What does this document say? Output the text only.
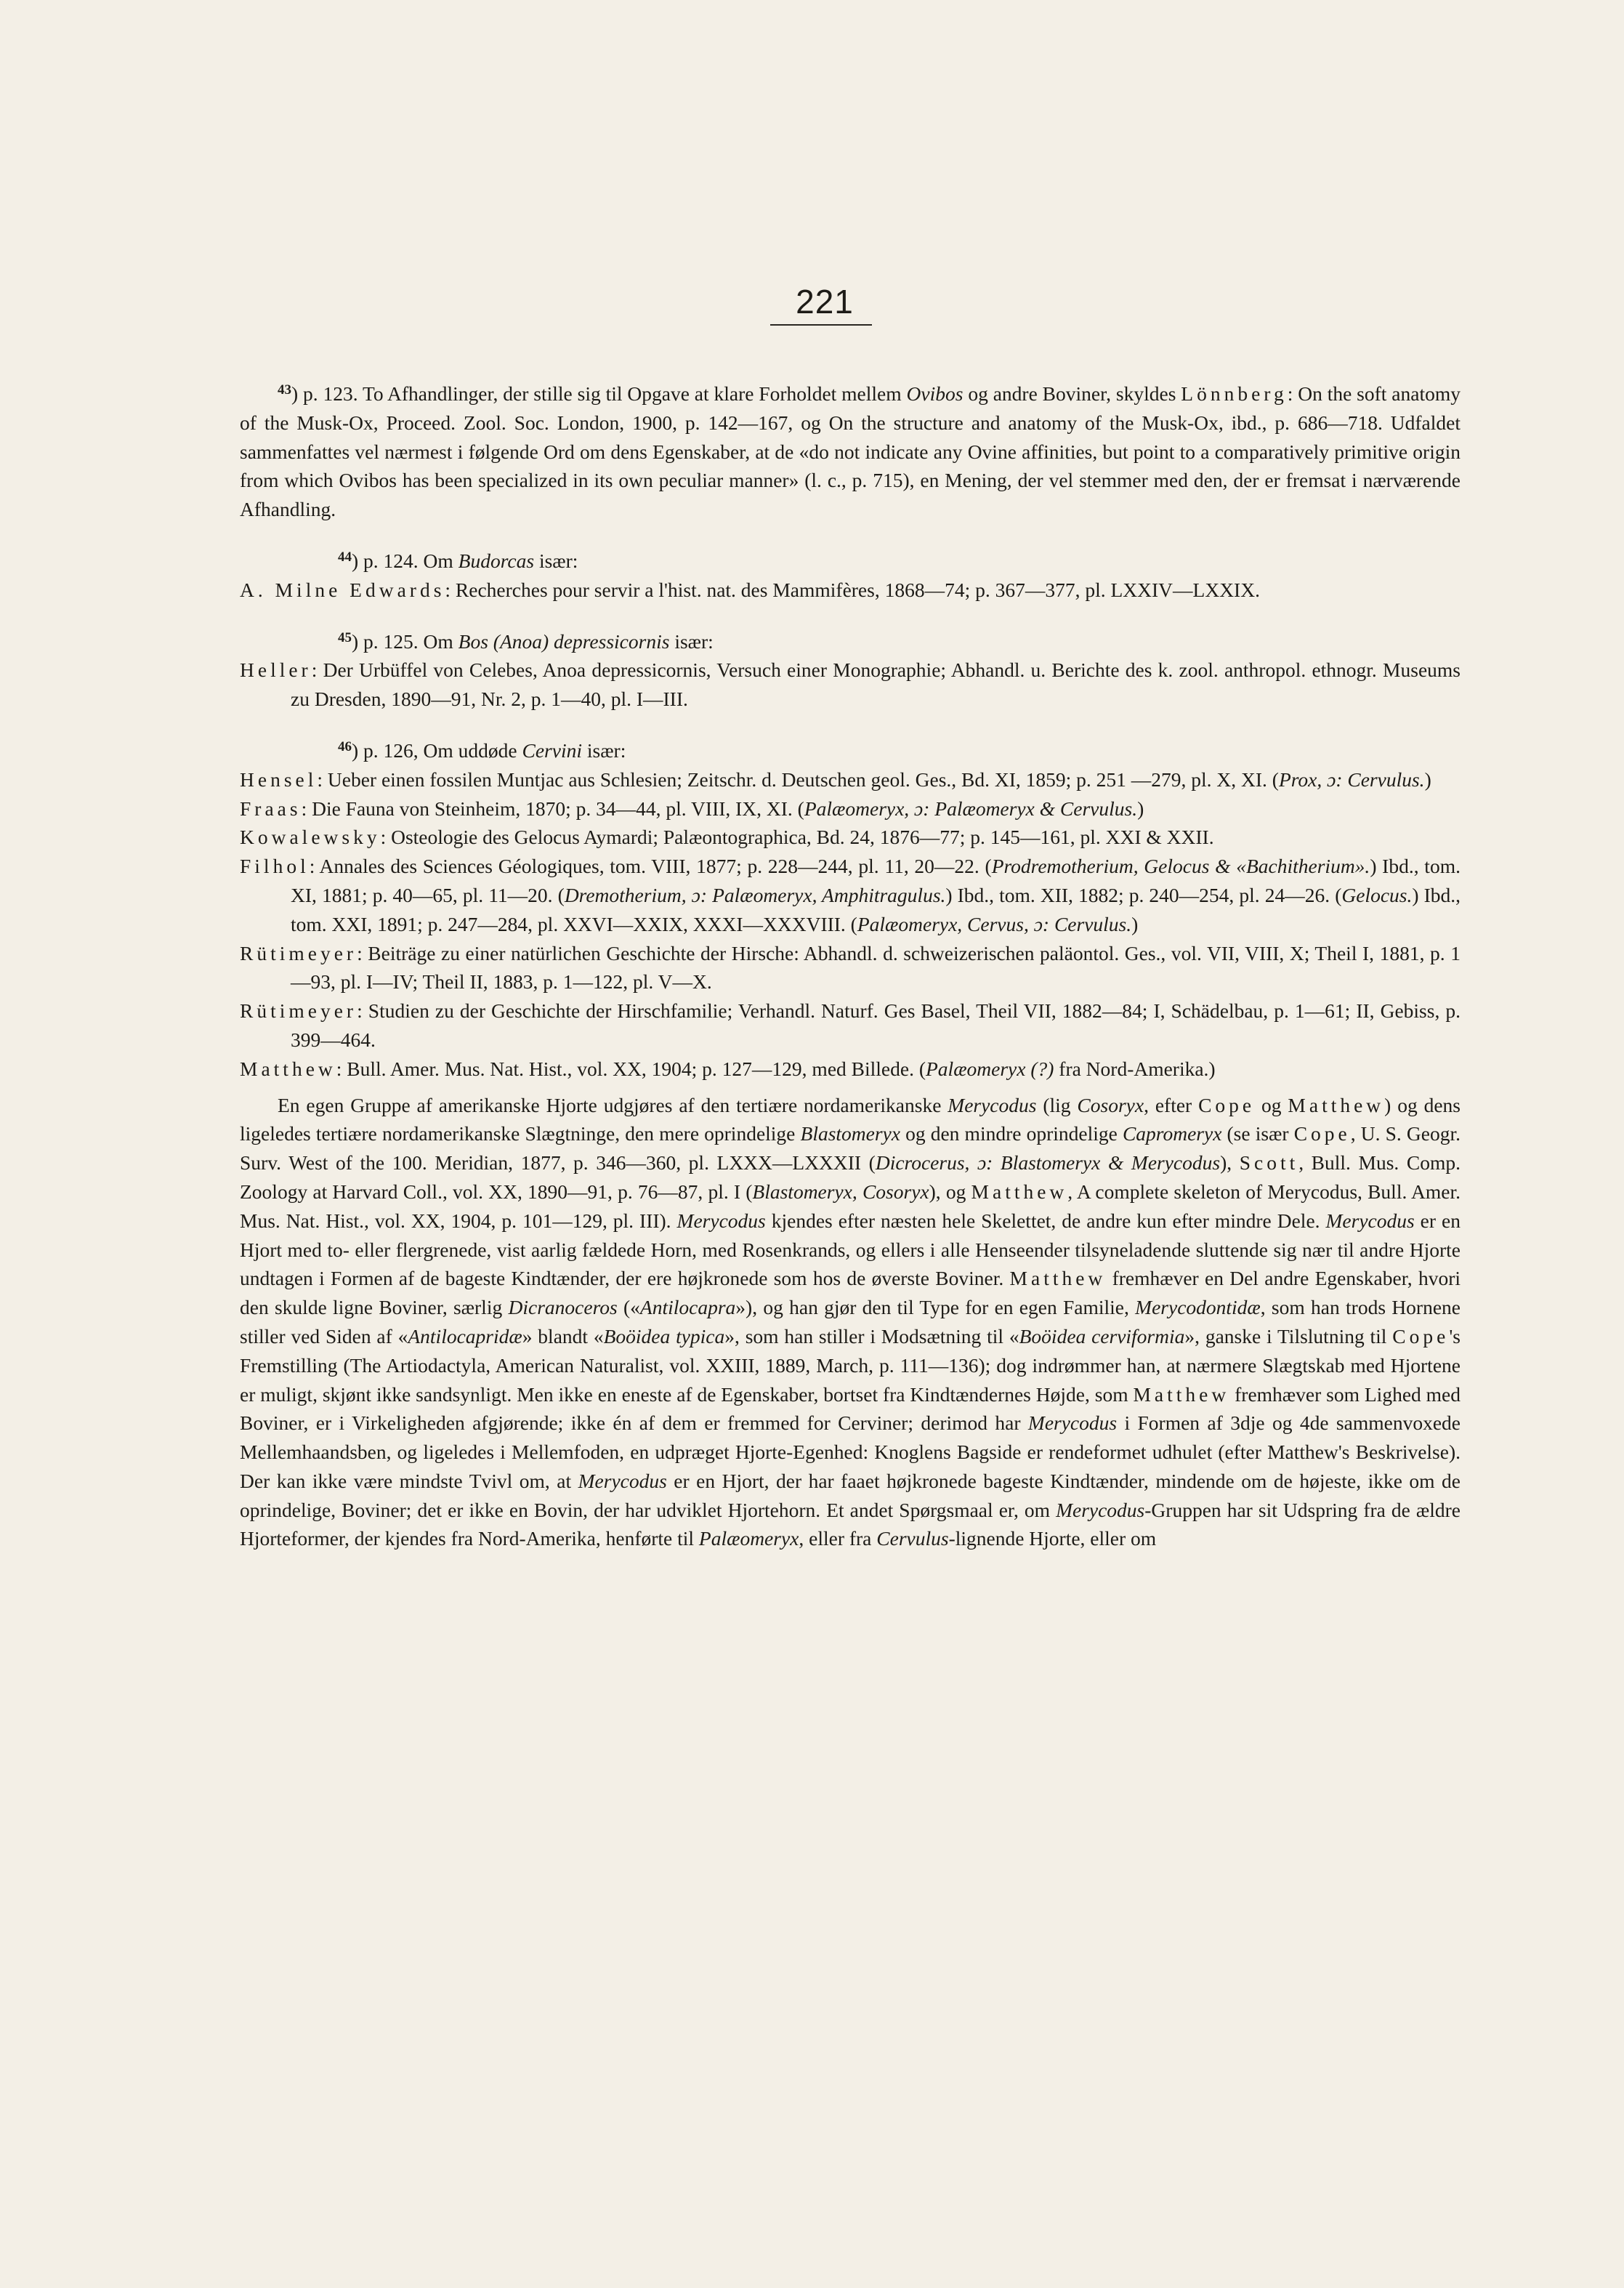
221

$^{43}$) p. 123. To Afhandlinger, der stille sig til Opgave at klare Forholdet mellem Ovibos og andre Boviner, skyldes Lönnberg: On the soft anatomy of the Musk-Ox, Proceed. Zool. Soc. London, 1900, p. 142—167, og On the structure and anatomy of the Musk-Ox, ibd., p. 686—718. Udfaldet sammenfattes vel nærmest i følgende Ord om dens Egenskaber, at de «do not indicate any Ovine affinities, but point to a comparatively primitive origin from which Ovibos has been specialized in its own peculiar manner» (l. c., p. 715), en Mening, der vel stemmer med den, der er fremsat i nærværende Afhandling.

$^{44}$) p. 124. Om Budorcas især:

A. Milne Edwards: Recherches pour servir a l'hist. nat. des Mammifères, 1868—74; p. 367—377, pl. LXXIV—LXXIX.

$^{45}$) p. 125. Om Bos (Anoa) depressicornis især:

Heller: Der Urbüffel von Celebes, Anoa depressicornis, Versuch einer Monographie; Abhandl. u. Berichte des k. zool. anthropol. ethnogr. Museums zu Dresden, 1890—91, Nr. 2, p. 1—40, pl. I—III.

$^{46}$) p. 126, Om uddøde Cervini især:

Hensel: Ueber einen fossilen Muntjac aus Schlesien; Zeitschr. d. Deutschen geol. Ges., Bd. XI, 1859; p. 251 —279, pl. X, XI. (Prox, ɔ: Cervulus.)

Fraas: Die Fauna von Steinheim, 1870; p. 34—44, pl. VIII, IX, XI. (Palæomeryx, ɔ: Palæomeryx & Cervulus.)

Kowalewsky: Osteologie des Gelocus Aymardi; Palæontographica, Bd. 24, 1876—77; p. 145—161, pl. XXI & XXII.

Filhol: Annales des Sciences Géologiques, tom. VIII, 1877; p. 228—244, pl. 11, 20—22. (Prodremotherium, Gelocus & «Bachitherium».) Ibd., tom. XI, 1881; p. 40—65, pl. 11—20. (Dremotherium, ɔ: Palæomeryx, Amphitragulus.) Ibd., tom. XII, 1882; p. 240—254, pl. 24—26. (Gelocus.) Ibd., tom. XXI, 1891; p. 247—284, pl. XXVI—XXIX, XXXI—XXXVIII. (Palæomeryx, Cervus, ɔ: Cervulus.)

Rütimeyer: Beiträge zu einer natürlichen Geschichte der Hirsche: Abhandl. d. schweizerischen paläontol. Ges., vol. VII, VIII, X; Theil I, 1881, p. 1—93, pl. I—IV; Theil II, 1883, p. 1—122, pl. V—X.

Rütimeyer: Studien zu der Geschichte der Hirschfamilie; Verhandl. Naturf. Ges Basel, Theil VII, 1882—84; I, Schädelbau, p. 1—61; II, Gebiss, p. 399—464.

Matthew: Bull. Amer. Mus. Nat. Hist., vol. XX, 1904; p. 127—129, med Billede. (Palæomeryx (?) fra Nord-Amerika.)

En egen Gruppe af amerikanske Hjorte udgjøres af den tertiære nordamerikanske Merycodus (lig Cosoryx, efter Cope og Matthew) og dens ligeledes tertiære nordamerikanske Slægtninge, den mere oprindelige Blastomeryx og den mindre oprindelige Capromeryx (se især Cope, U. S. Geogr. Surv. West of the 100. Meridian, 1877, p. 346—360, pl. LXXX—LXXXII (Dicrocerus, ɔ: Blastomeryx & Merycodus), Scott, Bull. Mus. Comp. Zoology at Harvard Coll., vol. XX, 1890—91, p. 76—87, pl. I (Blastomeryx, Cosoryx), og Matthew, A complete skeleton of Merycodus, Bull. Amer. Mus. Nat. Hist., vol. XX, 1904, p. 101—129, pl. III). Merycodus kjendes efter næsten hele Skelettet, de andre kun efter mindre Dele. Merycodus er en Hjort med to- eller flergrenede, vist aarlig fældede Horn, med Rosenkrands, og ellers i alle Henseender tilsyneladende sluttende sig nær til andre Hjorte undtagen i Formen af de bageste Kindtænder, der ere højkronede som hos de øverste Boviner. Matthew fremhæver en Del andre Egenskaber, hvori den skulde ligne Boviner, særlig Dicranoceros («Antilocapra»), og han gjør den til Type for en egen Familie, Merycodontidæ, som han trods Hornene stiller ved Siden af «Antilocapridæ» blandt «Boöidea typica», som han stiller i Modsætning til «Boöidea cerviformia», ganske i Tilslutning til Cope's Fremstilling (The Artiodactyla, American Naturalist, vol. XXIII, 1889, March, p. 111—136); dog indrømmer han, at nærmere Slægtskab med Hjortene er muligt, skjønt ikke sandsynligt. Men ikke en eneste af de Egenskaber, bortset fra Kindtændernes Højde, som Matthew fremhæver som Lighed med Boviner, er i Virkeligheden afgjørende; ikke én af dem er fremmed for Cerviner; derimod har Merycodus i Formen af 3dje og 4de sammenvoxede Mellemhaandsben, og ligeledes i Mellemfoden, en udpræget Hjorte-Egenhed: Knoglens Bagside er rendeformet udhulet (efter Matthew's Beskrivelse). Der kan ikke være mindste Tvivl om, at Merycodus er en Hjort, der har faaet højkronede bageste Kindtænder, mindende om de højeste, ikke om de oprindelige, Boviner; det er ikke en Bovin, der har udviklet Hjortehorn. Et andet Spørgsmaal er, om Merycodus-Gruppen har sit Udspring fra de ældre Hjorteformer, der kjendes fra Nord-Amerika, henførte til Palæomeryx, eller fra Cervulus-lignende Hjorte, eller om
